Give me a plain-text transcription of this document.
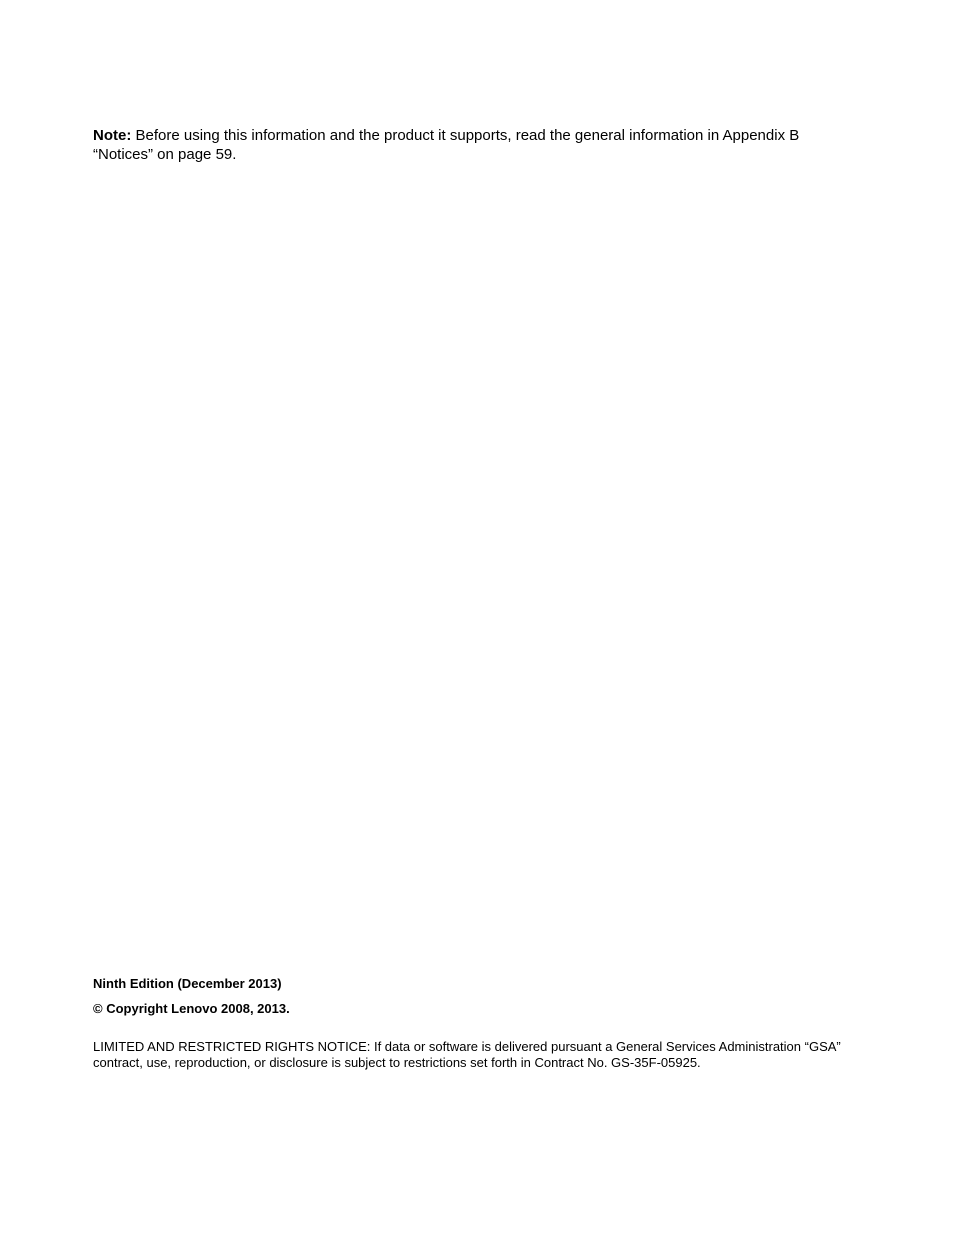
Note: Before using this information and the product it supports, read the general information in Appendix B “Notices” on page 59.

Ninth Edition (December 2013)

© Copyright Lenovo 2008, 2013.

LIMITED AND RESTRICTED RIGHTS NOTICE: If data or software is delivered pursuant a General Services Administration “GSA” contract, use, reproduction, or disclosure is subject to restrictions set forth in Contract No. GS-35F-05925.
